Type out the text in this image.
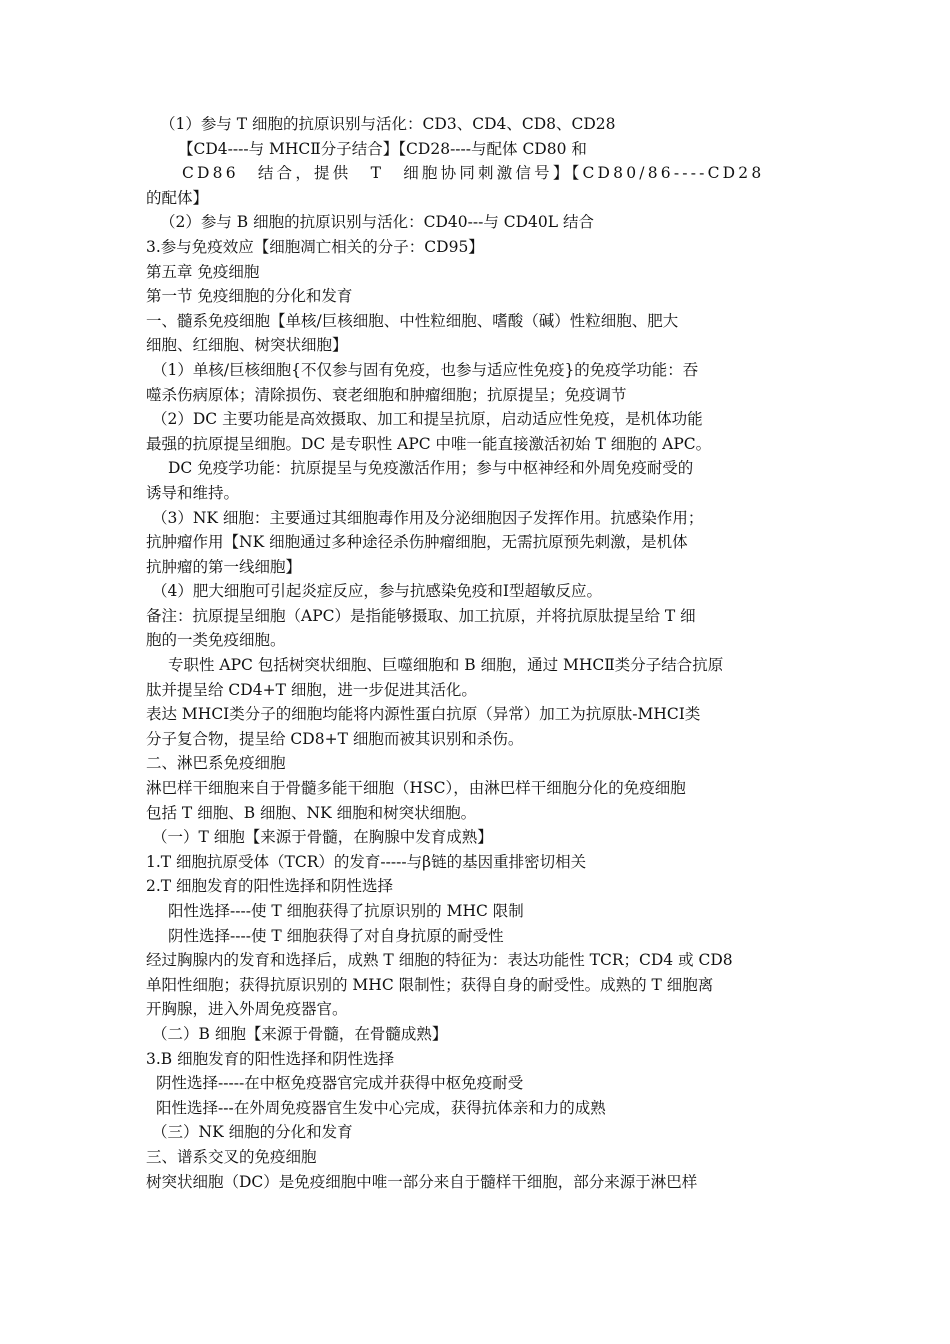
（1）参与 T 细胞的抗原识别与活化：CD3、CD4、CD8、CD28
【CD4----与 MHCⅡ分子结合】【CD28----与配体 CD80 和
CD86 结合，提供 T 细胞协同刺激信号】【CD80/86----CD28
的配体】
（2）参与 B 细胞的抗原识别与活化：CD40---与 CD40L 结合
3.参与免疫效应【细胞凋亡相关的分子：CD95】
第五章 免疫细胞
第一节 免疫细胞的分化和发育
一、髓系免疫细胞【单核/巨核细胞、中性粒细胞、嗜酸（碱）性粒细胞、肥大
细胞、红细胞、树突状细胞】
（1）单核/巨核细胞{不仅参与固有免疫，也参与适应性免疫}的免疫学功能：吞
噬杀伤病原体；清除损伤、衰老细胞和肿瘤细胞；抗原提呈；免疫调节
（2）DC 主要功能是高效摄取、加工和提呈抗原，启动适应性免疫，是机体功能
最强的抗原提呈细胞。DC 是专职性 APC 中唯一能直接激活初始 T 细胞的 APC。
DC 免疫学功能：抗原提呈与免疫激活作用；参与中枢神经和外周免疫耐受的
诱导和维持。
（3）NK 细胞：主要通过其细胞毒作用及分泌细胞因子发挥作用。抗感染作用；
抗肿瘤作用【NK 细胞通过多种途径杀伤肿瘤细胞，无需抗原预先刺激，是机体
抗肿瘤的第一线细胞】
（4）肥大细胞可引起炎症反应，参与抗感染免疫和Ⅰ型超敏反应。
备注：抗原提呈细胞（APC）是指能够摄取、加工抗原，并将抗原肽提呈给 T 细
胞的一类免疫细胞。
专职性 APC 包括树突状细胞、巨噬细胞和 B 细胞，通过 MHCⅡ类分子结合抗原
肽并提呈给 CD4+T 细胞，进一步促进其活化。
表达 MHCⅠ类分子的细胞均能将内源性蛋白抗原（异常）加工为抗原肽-MHCⅠ类
分子复合物，提呈给 CD8+T 细胞而被其识别和杀伤。
二、淋巴系免疫细胞
淋巴样干细胞来自于骨髓多能干细胞（HSC），由淋巴样干细胞分化的免疫细胞
包括 T 细胞、B 细胞、NK 细胞和树突状细胞。
（一）T 细胞【来源于骨髓，在胸腺中发育成熟】
1.T 细胞抗原受体（TCR）的发育-----与β链的基因重排密切相关
2.T 细胞发育的阳性选择和阴性选择
阳性选择----使 T 细胞获得了抗原识别的 MHC 限制
阴性选择----使 T 细胞获得了对自身抗原的耐受性
经过胸腺内的发育和选择后，成熟 T 细胞的特征为：表达功能性 TCR；CD4 或 CD8
单阳性细胞；获得抗原识别的 MHC 限制性；获得自身的耐受性。成熟的 T 细胞离
开胸腺，进入外周免疫器官。
（二）B 细胞【来源于骨髓，在骨髓成熟】
3.B 细胞发育的阳性选择和阴性选择
阴性选择-----在中枢免疫器官完成并获得中枢免疫耐受
阳性选择---在外周免疫器官生发中心完成，获得抗体亲和力的成熟
（三）NK 细胞的分化和发育
三、谱系交叉的免疫细胞
树突状细胞（DC）是免疫细胞中唯一部分来自于髓样干细胞，部分来源于淋巴样
